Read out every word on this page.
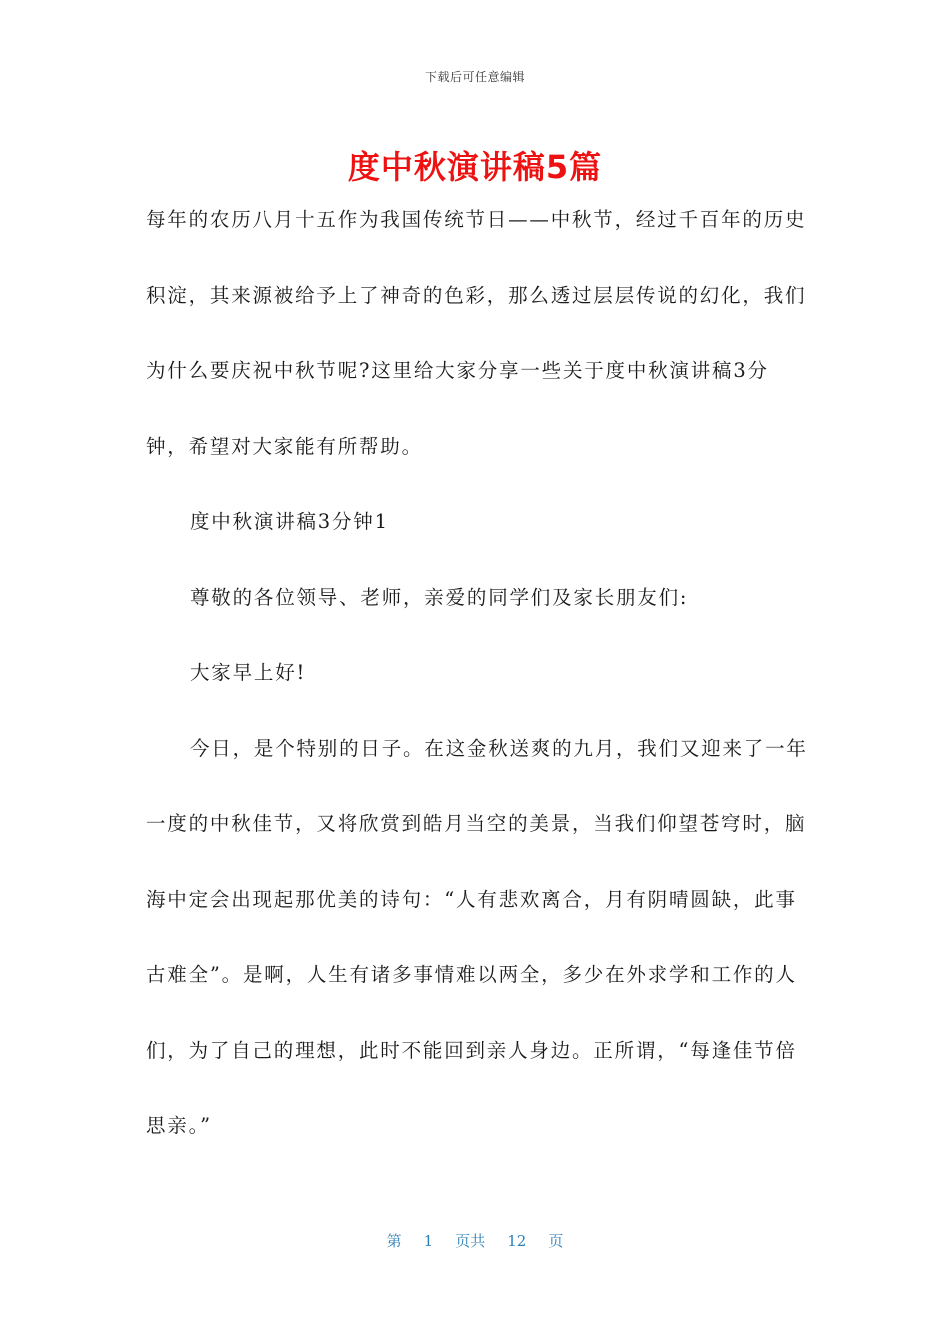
下载后可任意编辑
度中秋演讲稿5篇

每年的农历八月十五作为我国传统节日——中秋节，经过千百年的历史积淀，其来源被给予上了神奇的色彩，那么透过层层传说的幻化，我们为什么要庆祝中秋节呢?这里给大家分享一些关于度中秋演讲稿3分钟，希望对大家能有所帮助。

度中秋演讲稿3分钟1

尊敬的各位领导、老师，亲爱的同学们及家长朋友们:

大家早上好!

今日，是个特别的日子。在这金秋送爽的九月，我们又迎来了一年一度的中秋佳节，又将欣赏到皓月当空的美景，当我们仰望苍穹时，脑海中定会出现起那优美的诗句：“人有悲欢离合，月有阴晴圆缺，此事古难全”。是啊，人生有诸多事情难以两全，多少在外求学和工作的人们，为了自己的理想，此时不能回到亲人身边。正所谓，“每逢佳节倍思亲。”

第 1 页共 12 页
